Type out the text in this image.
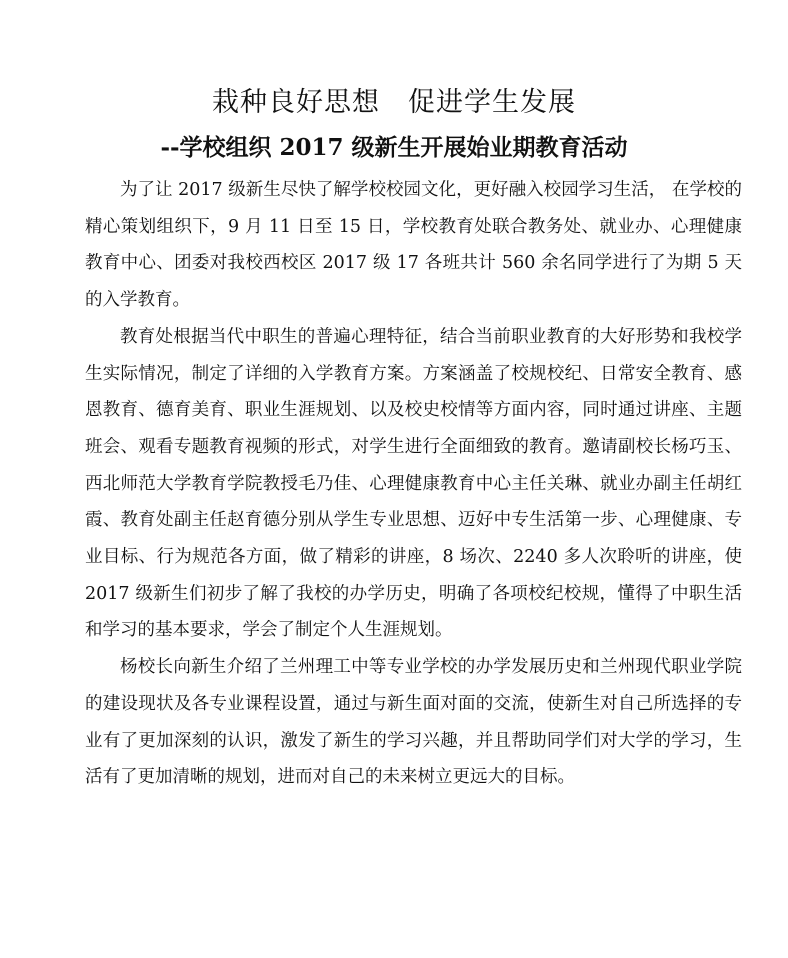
栽种良好思想　促进学生发展
--学校组织 2017 级新生开展始业期教育活动

为了让 2017 级新生尽快了解学校校园文化，更好融入校园学习生活， 在学校的精心策划组织下，9 月 11 日至 15 日，学校教育处联合教务处、就业办、心理健康教育中心、团委对我校西校区 2017 级 17 各班共计 560 余名同学进行了为期 5 天的入学教育。

教育处根据当代中职生的普遍心理特征，结合当前职业教育的大好形势和我校学生实际情况，制定了详细的入学教育方案。方案涵盖了校规校纪、日常安全教育、感恩教育、德育美育、职业生涯规划、以及校史校情等方面内容，同时通过讲座、主题班会、观看专题教育视频的形式，对学生进行全面细致的教育。邀请副校长杨巧玉、西北师范大学教育学院教授毛乃佳、心理健康教育中心主任关琳、就业办副主任胡红霞、教育处副主任赵育德分别从学生专业思想、迈好中专生活第一步、心理健康、专业目标、行为规范各方面，做了精彩的讲座，8 场次、2240 多人次聆听的讲座，使 2017 级新生们初步了解了我校的办学历史，明确了各项校纪校规，懂得了中职生活和学习的基本要求，学会了制定个人生涯规划。

杨校长向新生介绍了兰州理工中等专业学校的办学发展历史和兰州现代职业学院的建设现状及各专业课程设置，通过与新生面对面的交流，使新生对自己所选择的专业有了更加深刻的认识，激发了新生的学习兴趣，并且帮助同学们对大学的学习，生活有了更加清晰的规划，进而对自己的未来树立更远大的目标。
